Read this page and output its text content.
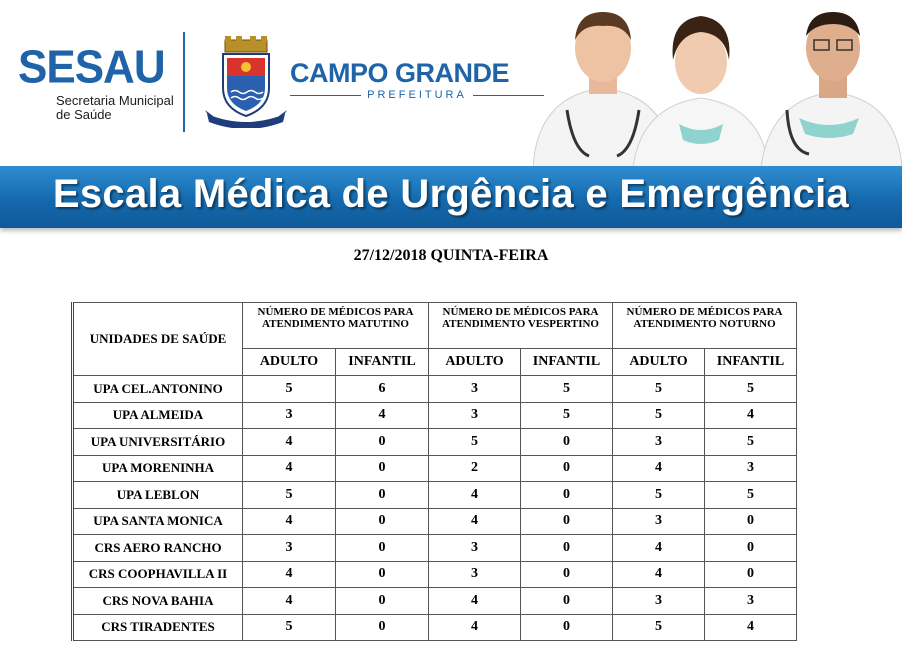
SESAU
Secretaria Municipal
de Saúde
CAMPO GRANDE
PREFEITURA
Escala Médica de Urgência e Emergência
27/12/2018 QUINTA-FEIRA
UNIDADES DE SAÚDE	NÚMERO DE MÉDICOS PARA ATENDIMENTO MATUTINO		NÚMERO DE MÉDICOS PARA ATENDIMENTO VESPERTINO		NÚMERO DE MÉDICOS PARA ATENDIMENTO NOTURNO	
	ADULTO	INFANTIL	ADULTO	INFANTIL	ADULTO	INFANTIL
UPA CEL.ANTONINO	5	6	3	5	5	5
UPA ALMEIDA	3	4	3	5	5	4
UPA UNIVERSITÁRIO	4	0	5	0	3	5
UPA MORENINHA	4	0	2	0	4	3
UPA LEBLON	5	0	4	0	5	5
UPA SANTA MONICA	4	0	4	0	3	0
CRS AERO RANCHO	3	0	3	0	4	0
CRS COOPHAVILLA II	4	0	3	0	4	0
CRS NOVA BAHIA	4	0	4	0	3	3
CRS TIRADENTES	5	0	4	0	5	4
